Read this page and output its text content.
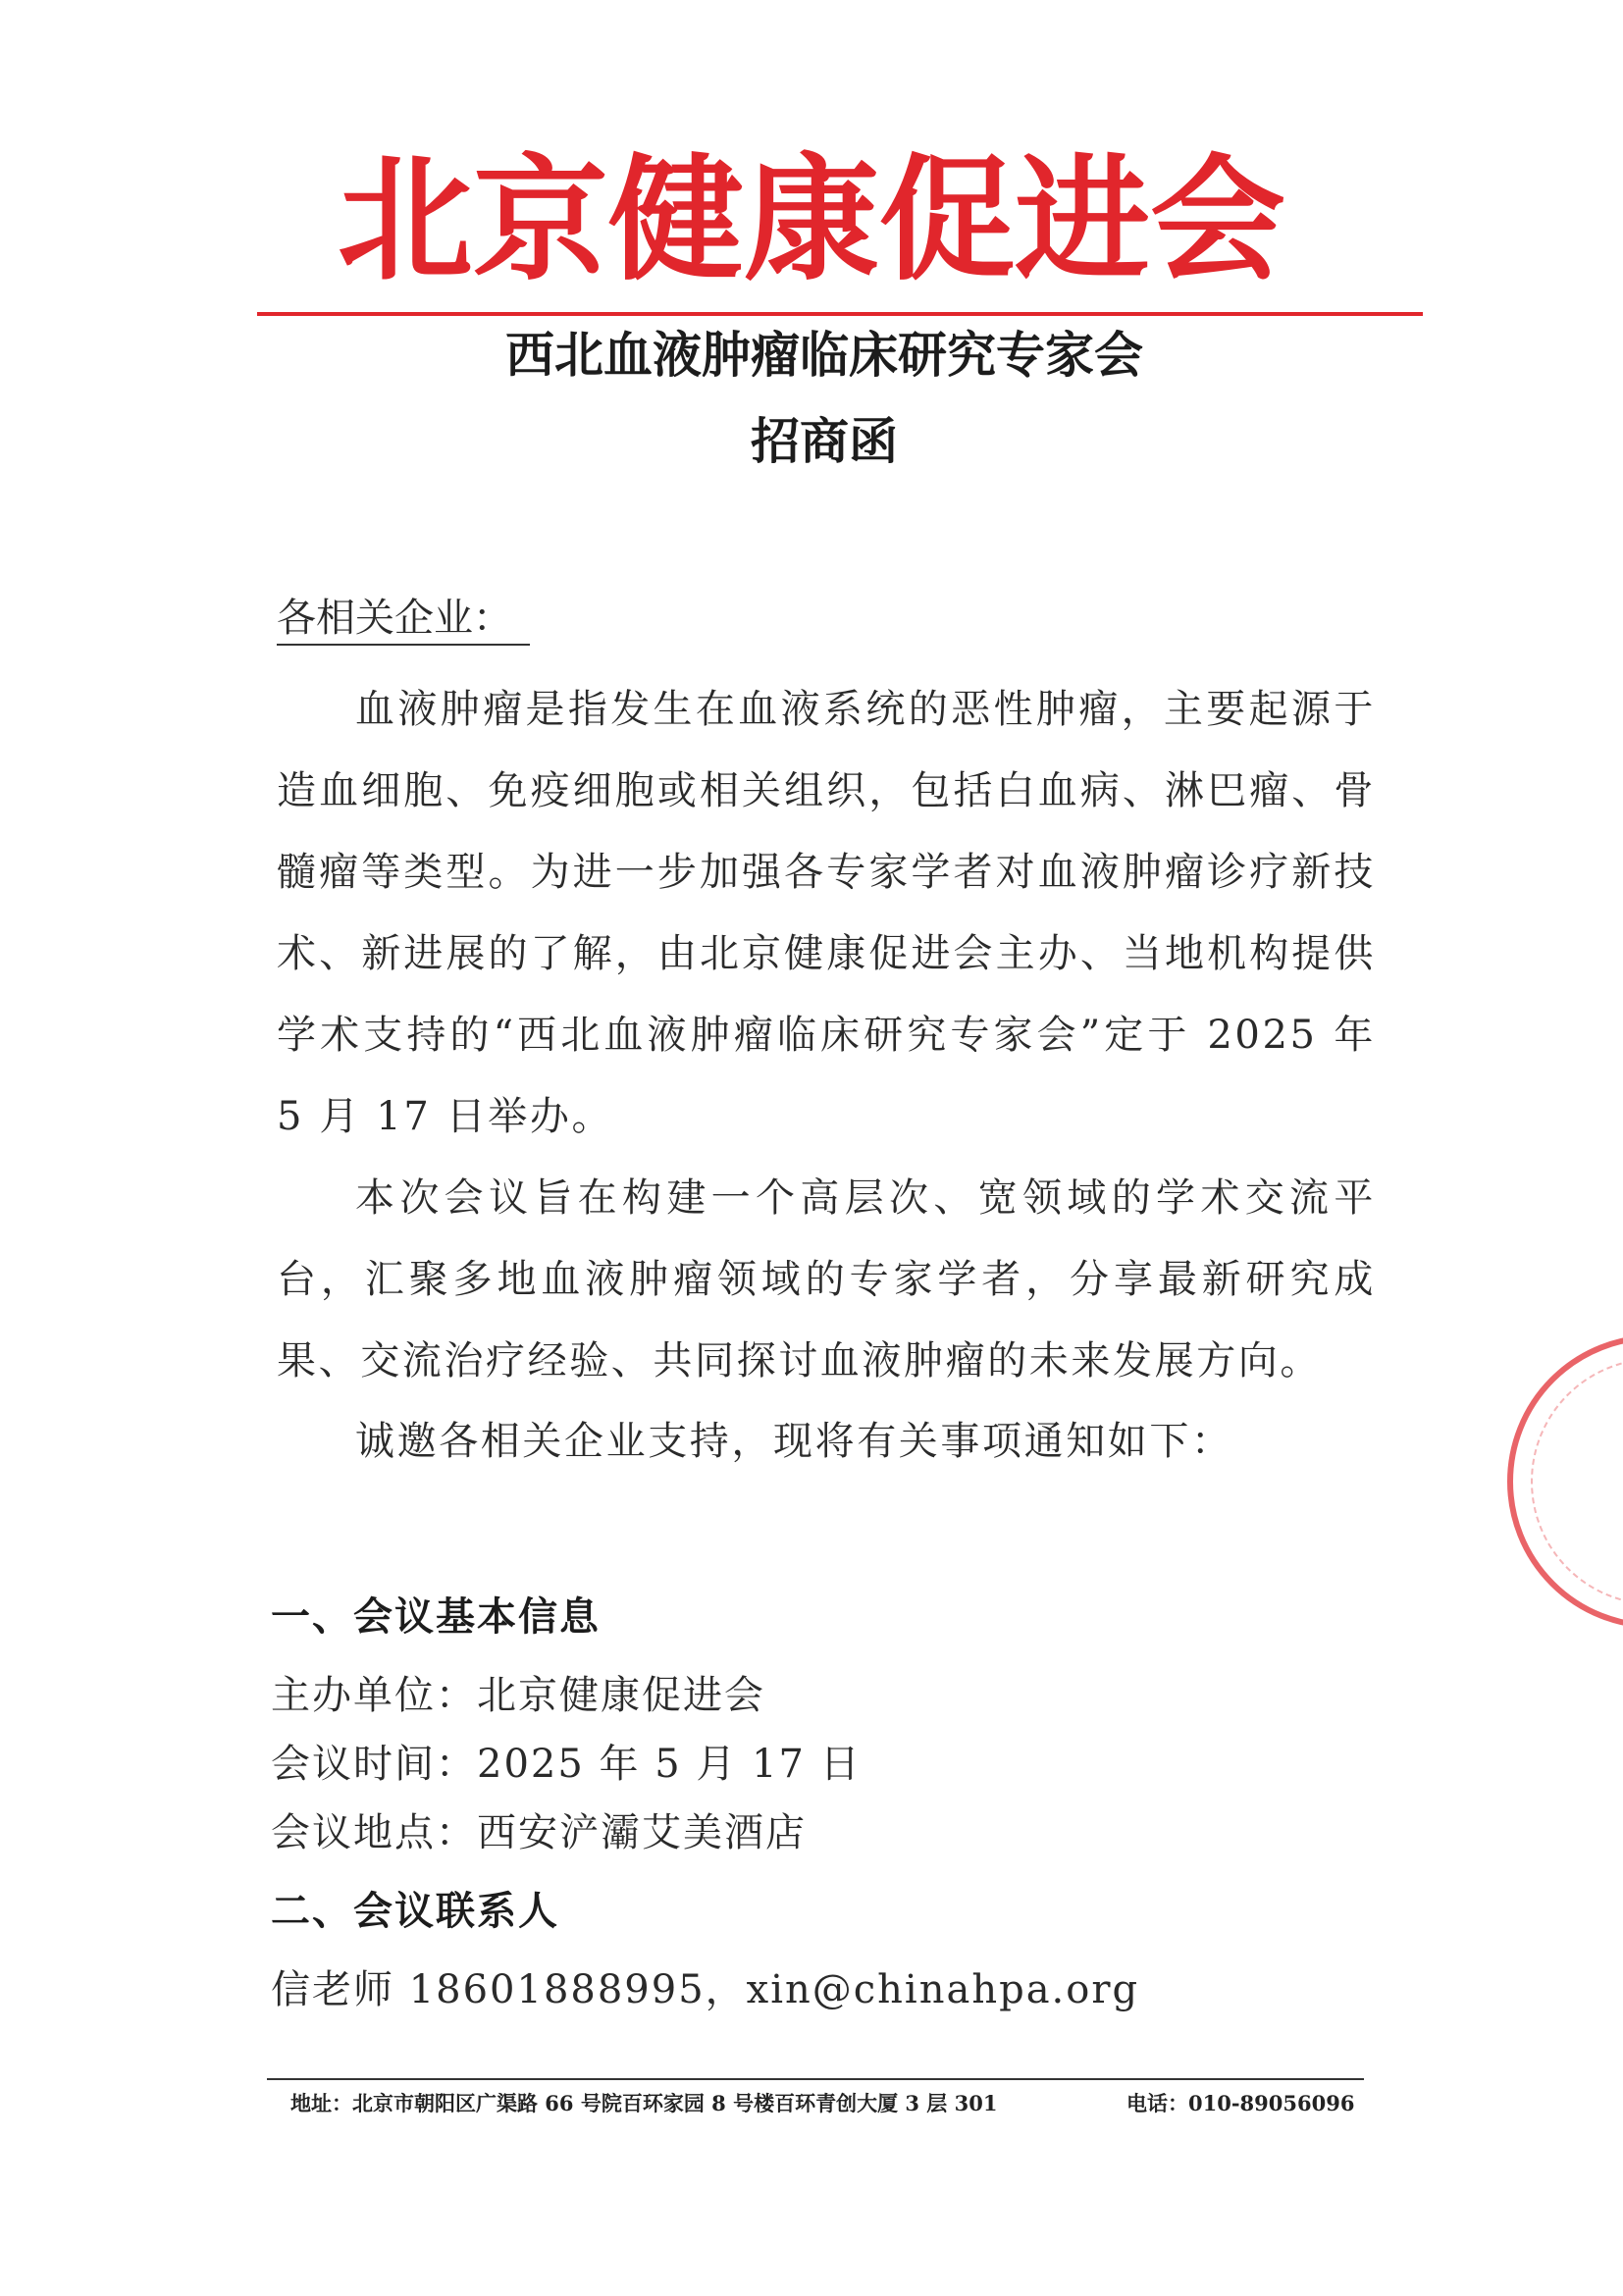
北京健康促进会
西北血液肿瘤临床研究专家会
招商函
各相关企业：

血液肿瘤是指发生在血液系统的恶性肿瘤，主要起源于造血细胞、免疫细胞或相关组织，包括白血病、淋巴瘤、骨髓瘤等类型。为进一步加强各专家学者对血液肿瘤诊疗新技术、新进展的了解，由北京健康促进会主办、当地机构提供学术支持的“西北血液肿瘤临床研究专家会”定于 2025 年 5 月 17 日举办。

本次会议旨在构建一个高层次、宽领域的学术交流平台，汇聚多地血液肿瘤领域的专家学者，分享最新研究成果、交流治疗经验、共同探讨血液肿瘤的未来发展方向。

诚邀各相关企业支持，现将有关事项通知如下：

一、会议基本信息
主办单位：北京健康促进会
会议时间：2025 年 5 月 17 日
会议地点：西安浐灞艾美酒店
二、会议联系人
信老师 18601888995，xin@chinahpa.org
地址：北京市朝阳区广渠路 66 号院百环家园 8 号楼百环青创大厦 3 层 301	电话：010-89056096
